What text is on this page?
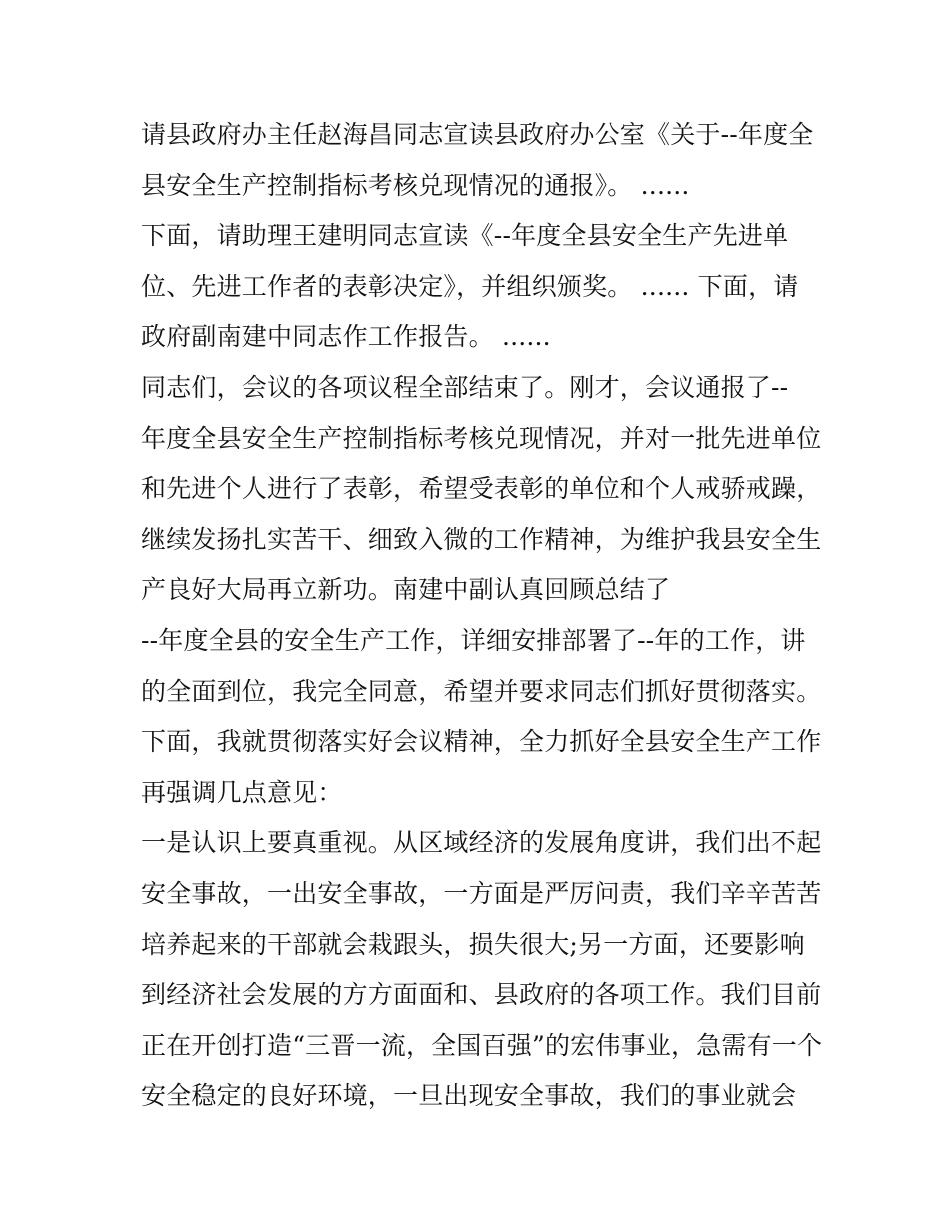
请县政府办主任赵海昌同志宣读县政府办公室《关于--年度全
县安全生产控制指标考核兑现情况的通报》。 ......
下面，请助理王建明同志宣读《--年度全县安全生产先进单
位、先进工作者的表彰决定》，并组织颁奖。 ...... 下面，请
政府副南建中同志作工作报告。 ......
同志们，会议的各项议程全部结束了。刚才，会议通报了--
年度全县安全生产控制指标考核兑现情况，并对一批先进单位
和先进个人进行了表彰，希望受表彰的单位和个人戒骄戒躁，
继续发扬扎实苦干、细致入微的工作精神，为维护我县安全生
产良好大局再立新功。南建中副认真回顾总结了
--年度全县的安全生产工作，详细安排部署了--年的工作，讲
的全面到位，我完全同意，希望并要求同志们抓好贯彻落实。
下面，我就贯彻落实好会议精神，全力抓好全县安全生产工作
再强调几点意见：
一是认识上要真重视。从区域经济的发展角度讲，我们出不起
安全事故，一出安全事故，一方面是严厉问责，我们辛辛苦苦
培养起来的干部就会栽跟头，损失很大;另一方面，还要影响
到经济社会发展的方方面面和、县政府的各项工作。我们目前
正在开创打造“三晋一流，全国百强”的宏伟事业，急需有一个
安全稳定的良好环境，一旦出现安全事故，我们的事业就会
